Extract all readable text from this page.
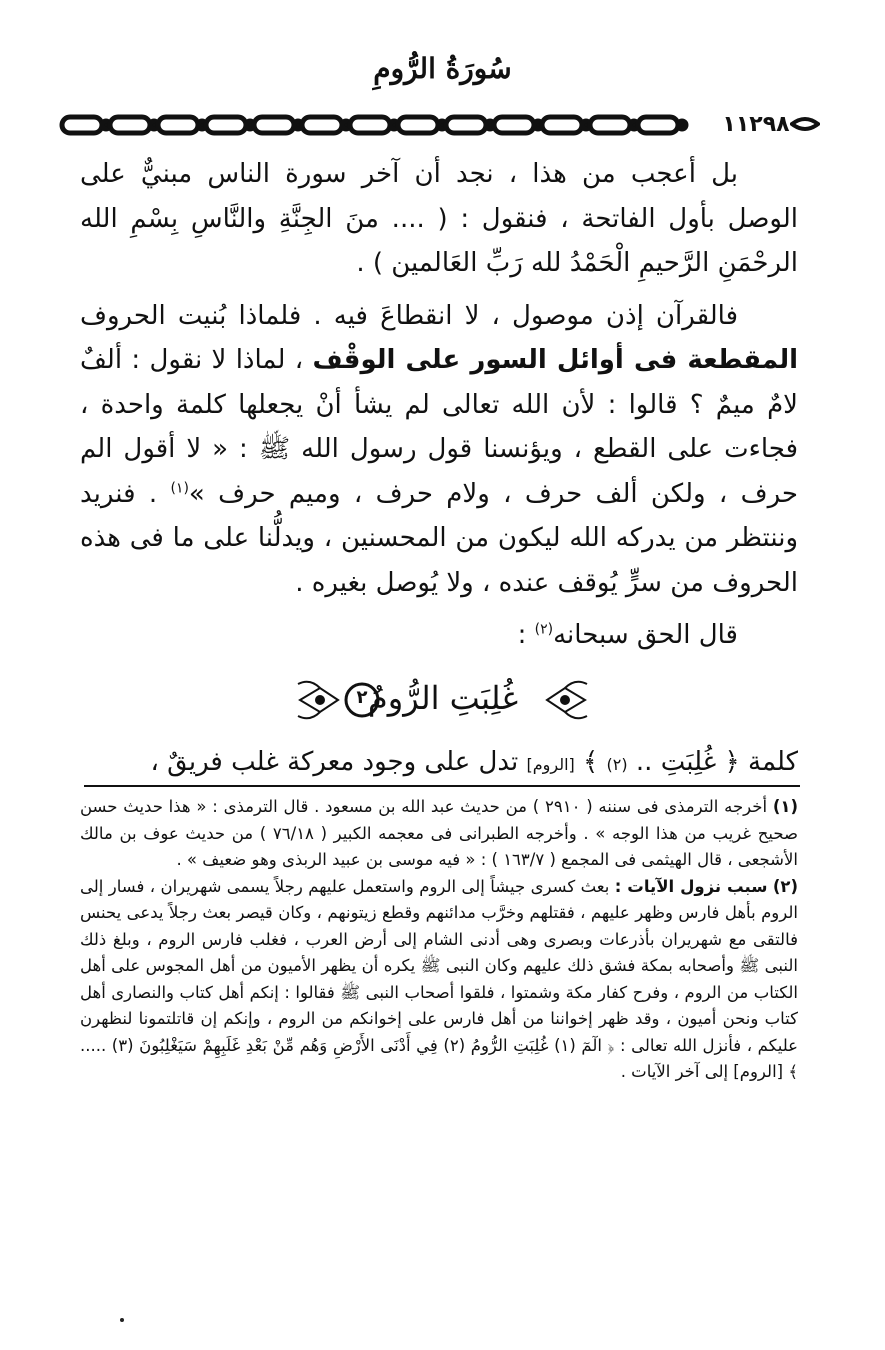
سُورَةُ الرُّومِ
١١٢٩٨

بل أعجب من هذا ، نجد أن آخر سورة الناس مبنيٌّ على الوصل بأول الفاتحة ، فنقول : ( .... منَ الجِنَّةِ والنَّاسِ بِسْمِ الله الرحْمَنِ الرَّحيمِ الْحَمْدُ لله رَبِّ العَالمين ) .

فالقرآن إذن موصول ، لا انقطاعَ فيه . فلماذا بُنيت الحروف المقطعة فى أوائل السور على الوقْف ، لماذا لا نقول : ألفٌ لامٌ ميمٌ ؟ قالوا : لأن الله تعالى لم يشأ أنْ يجعلها كلمة واحدة ، فجاءت على القطع ، ويؤنسنا قول رسول الله ﷺ : « لا أقول الم حرف ، ولكن ألف حرف ، ولام حرف ، وميم حرف »$^{(١)}$ . فنريد وننتظر من يدركه الله ليكون من المحسنين ، ويدلُّنا على ما فى هذه الحروف من سرٍّ يُوقف عنده ، ولا يُوصل بغيره .

قال الحق سبحانه$^{(٢)}$ :

غُلِبَتِ الرُّومُ
٢
كلمة ﴿ غُلِبَتِ .. (٢) ﴾ [الروم] تدل على وجود معركة غلب فريقٌ ،

(١) أخرجه الترمذى فى سننه ( ٢٩١٠ ) من حديث عبد الله بن مسعود . قال الترمذى : « هذا حديث حسن صحيح غريب من هذا الوجه » . وأخرجه الطبرانى فى معجمه الكبير ( ٧٦/١٨ ) من حديث عوف بن مالك الأشجعى ، قال الهيثمى فى المجمع ( ١٦٣/٧ ) : « فيه موسى بن عبيد الربذى وهو ضعيف » .

(٢) سبب نزول الآيات : بعث كسرى جيشاً إلى الروم واستعمل عليهم رجلاً يسمى شهريران ، فسار إلى الروم بأهل فارس وظهر عليهم ، فقتلهم وخرَّب مدائنهم وقطع زيتونهم ، وكان قيصر بعث رجلاً يدعى يحنس فالتقى مع شهريران بأذرعات وبصرى وهى أدنى الشام إلى أرض العرب ، فغلب فارس الروم ، وبلغ ذلك النبى ﷺ وأصحابه بمكة فشق ذلك عليهم وكان النبى ﷺ يكره أن يظهر الأميون من أهل المجوس على أهل الكتاب من الروم ، وفرح كفار مكة وشمتوا ، فلقوا أصحاب النبى ﷺ فقالوا : إنكم أهل كتاب والنصارى أهل كتاب ونحن أميون ، وقد ظهر إخواننا من أهل فارس على إخوانكم من الروم ، وإنكم إن قاتلتمونا لنظهرن عليكم ، فأنزل الله تعالى : ﴿ الٓمٓ (١) غُلِبَتِ الرُّومُ (٢) فِي أَدْنَى الأَرْضِ وَهُم مِّنْ بَعْدِ غَلَبِهِمْ سَيَغْلِبُونَ (٣) ..... ﴾ [الروم] إلى آخر الآيات .
